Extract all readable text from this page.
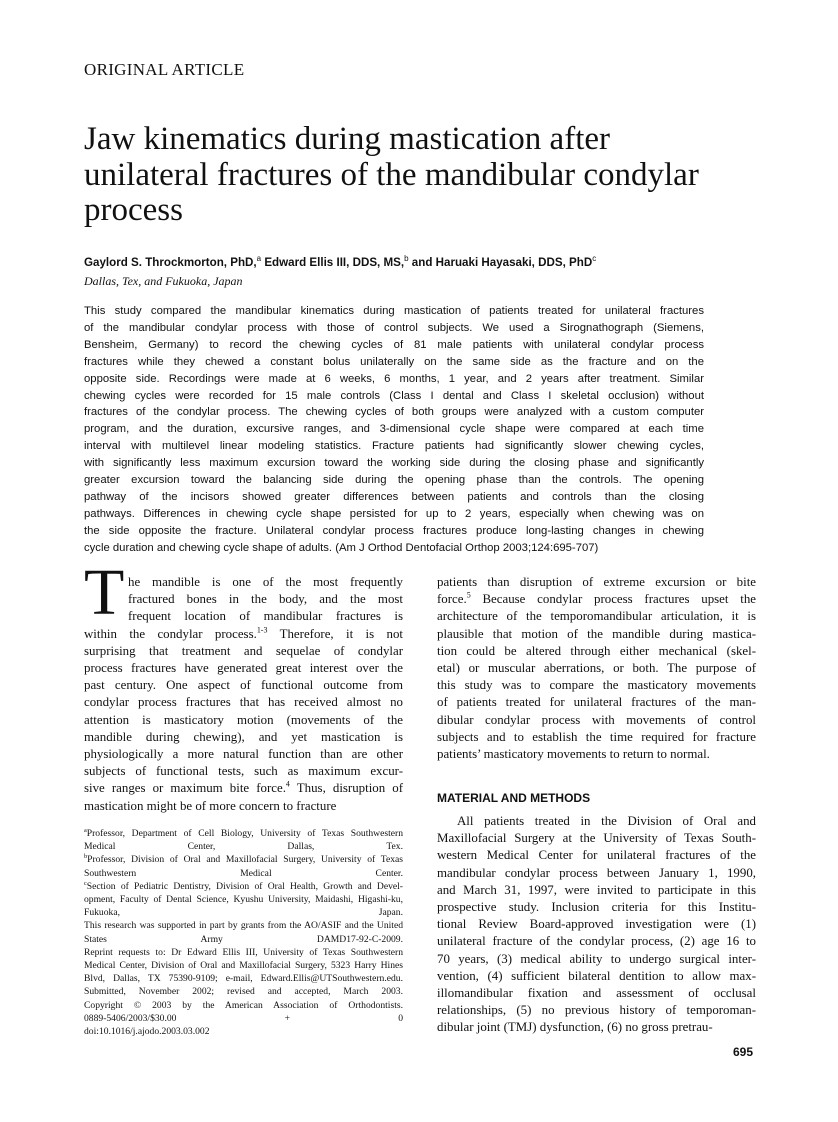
ORIGINAL ARTICLE
Jaw kinematics during mastication after unilateral fractures of the mandibular condylar process
Gaylord S. Throckmorton, PhD,$^a$ Edward Ellis III, DDS, MS,$^b$ and Haruaki Hayasaki, DDS, PhD$^c$
Dallas, Tex, and Fukuoka, Japan
This study compared the mandibular kinematics during mastication of patients treated for unilateral fractures
of the mandibular condylar process with those of control subjects. We used a Sirognathograph (Siemens,
Bensheim, Germany) to record the chewing cycles of 81 male patients with unilateral condylar process
fractures while they chewed a constant bolus unilaterally on the same side as the fracture and on the
opposite side. Recordings were made at 6 weeks, 6 months, 1 year, and 2 years after treatment. Similar
chewing cycles were recorded for 15 male controls (Class I dental and Class I skeletal occlusion) without
fractures of the condylar process. The chewing cycles of both groups were analyzed with a custom computer
program, and the duration, excursive ranges, and 3-dimensional cycle shape were compared at each time
interval with multilevel linear modeling statistics. Fracture patients had significantly slower chewing cycles,
with significantly less maximum excursion toward the working side during the closing phase and significantly
greater excursion toward the balancing side during the opening phase than the controls. The opening
pathway of the incisors showed greater differences between patients and controls than the closing
pathways. Differences in chewing cycle shape persisted for up to 2 years, especially when chewing was on
the side opposite the fracture. Unilateral condylar process fractures produce long-lasting changes in chewing
cycle duration and chewing cycle shape of adults. (Am J Orthod Dentofacial Orthop 2003;124:695-707)
T he mandible is one of the most frequently
fractured bones in the body, and the most
frequent location of mandibular fractures is
within the condylar process.$^{1-3}$ Therefore, it is not
surprising that treatment and sequelae of condylar
process fractures have generated great interest over the
past century. One aspect of functional outcome from
condylar process fractures that has received almost no
attention is masticatory motion (movements of the
mandible during chewing), and yet mastication is
physiologically a more natural function than are other
subjects of functional tests, such as maximum excur-
sive ranges or maximum bite force.$^4$ Thus, disruption of
mastication might be of more concern to fracture
patients than disruption of extreme excursion or bite
force.$^5$ Because condylar process fractures upset the
architecture of the temporomandibular articulation, it is
plausible that motion of the mandible during mastica-
tion could be altered through either mechanical (skel-
etal) or muscular aberrations, or both. The purpose of
this study was to compare the masticatory movements
of patients treated for unilateral fractures of the man-
dibular condylar process with movements of control
subjects and to establish the time required for fracture
patients’ masticatory movements to return to normal.
MATERIAL AND METHODS
All patients treated in the Division of Oral and
Maxillofacial Surgery at the University of Texas South-
western Medical Center for unilateral fractures of the
mandibular condylar process between January 1, 1990,
and March 31, 1997, were invited to participate in this
prospective study. Inclusion criteria for this Institu-
tional Review Board-approved investigation were (1)
unilateral fracture of the condylar process, (2) age 16 to
70 years, (3) medical ability to undergo surgical inter-
vention, (4) sufficient bilateral dentition to allow max-
illomandibular fixation and assessment of occlusal
relationships, (5) no previous history of temporoman-
dibular joint (TMJ) dysfunction, (6) no gross pretrau-
$^a$Professor, Department of Cell Biology, University of Texas Southwestern
Medical Center, Dallas, Tex.
$^b$Professor, Division of Oral and Maxillofacial Surgery, University of Texas
Southwestern Medical Center.
$^c$Section of Pediatric Dentistry, Division of Oral Health, Growth and Devel-
opment, Faculty of Dental Science, Kyushu University, Maidashi, Higashi-ku,
Fukuoka, Japan.
This research was supported in part by grants from the AO/ASIF and the United
States Army DAMD17-92-C-2009.
Reprint requests to: Dr Edward Ellis III, University of Texas Southwestern
Medical Center, Division of Oral and Maxillofacial Surgery, 5323 Harry Hines
Blvd, Dallas, TX 75390-9109; e-mail, Edward.Ellis@UTSouthwestern.edu.
Submitted, November 2002; revised and accepted, March 2003.
Copyright © 2003 by the American Association of Orthodontists.
0889-5406/2003/$30.00 + 0
doi:10.1016/j.ajodo.2003.03.002
695
